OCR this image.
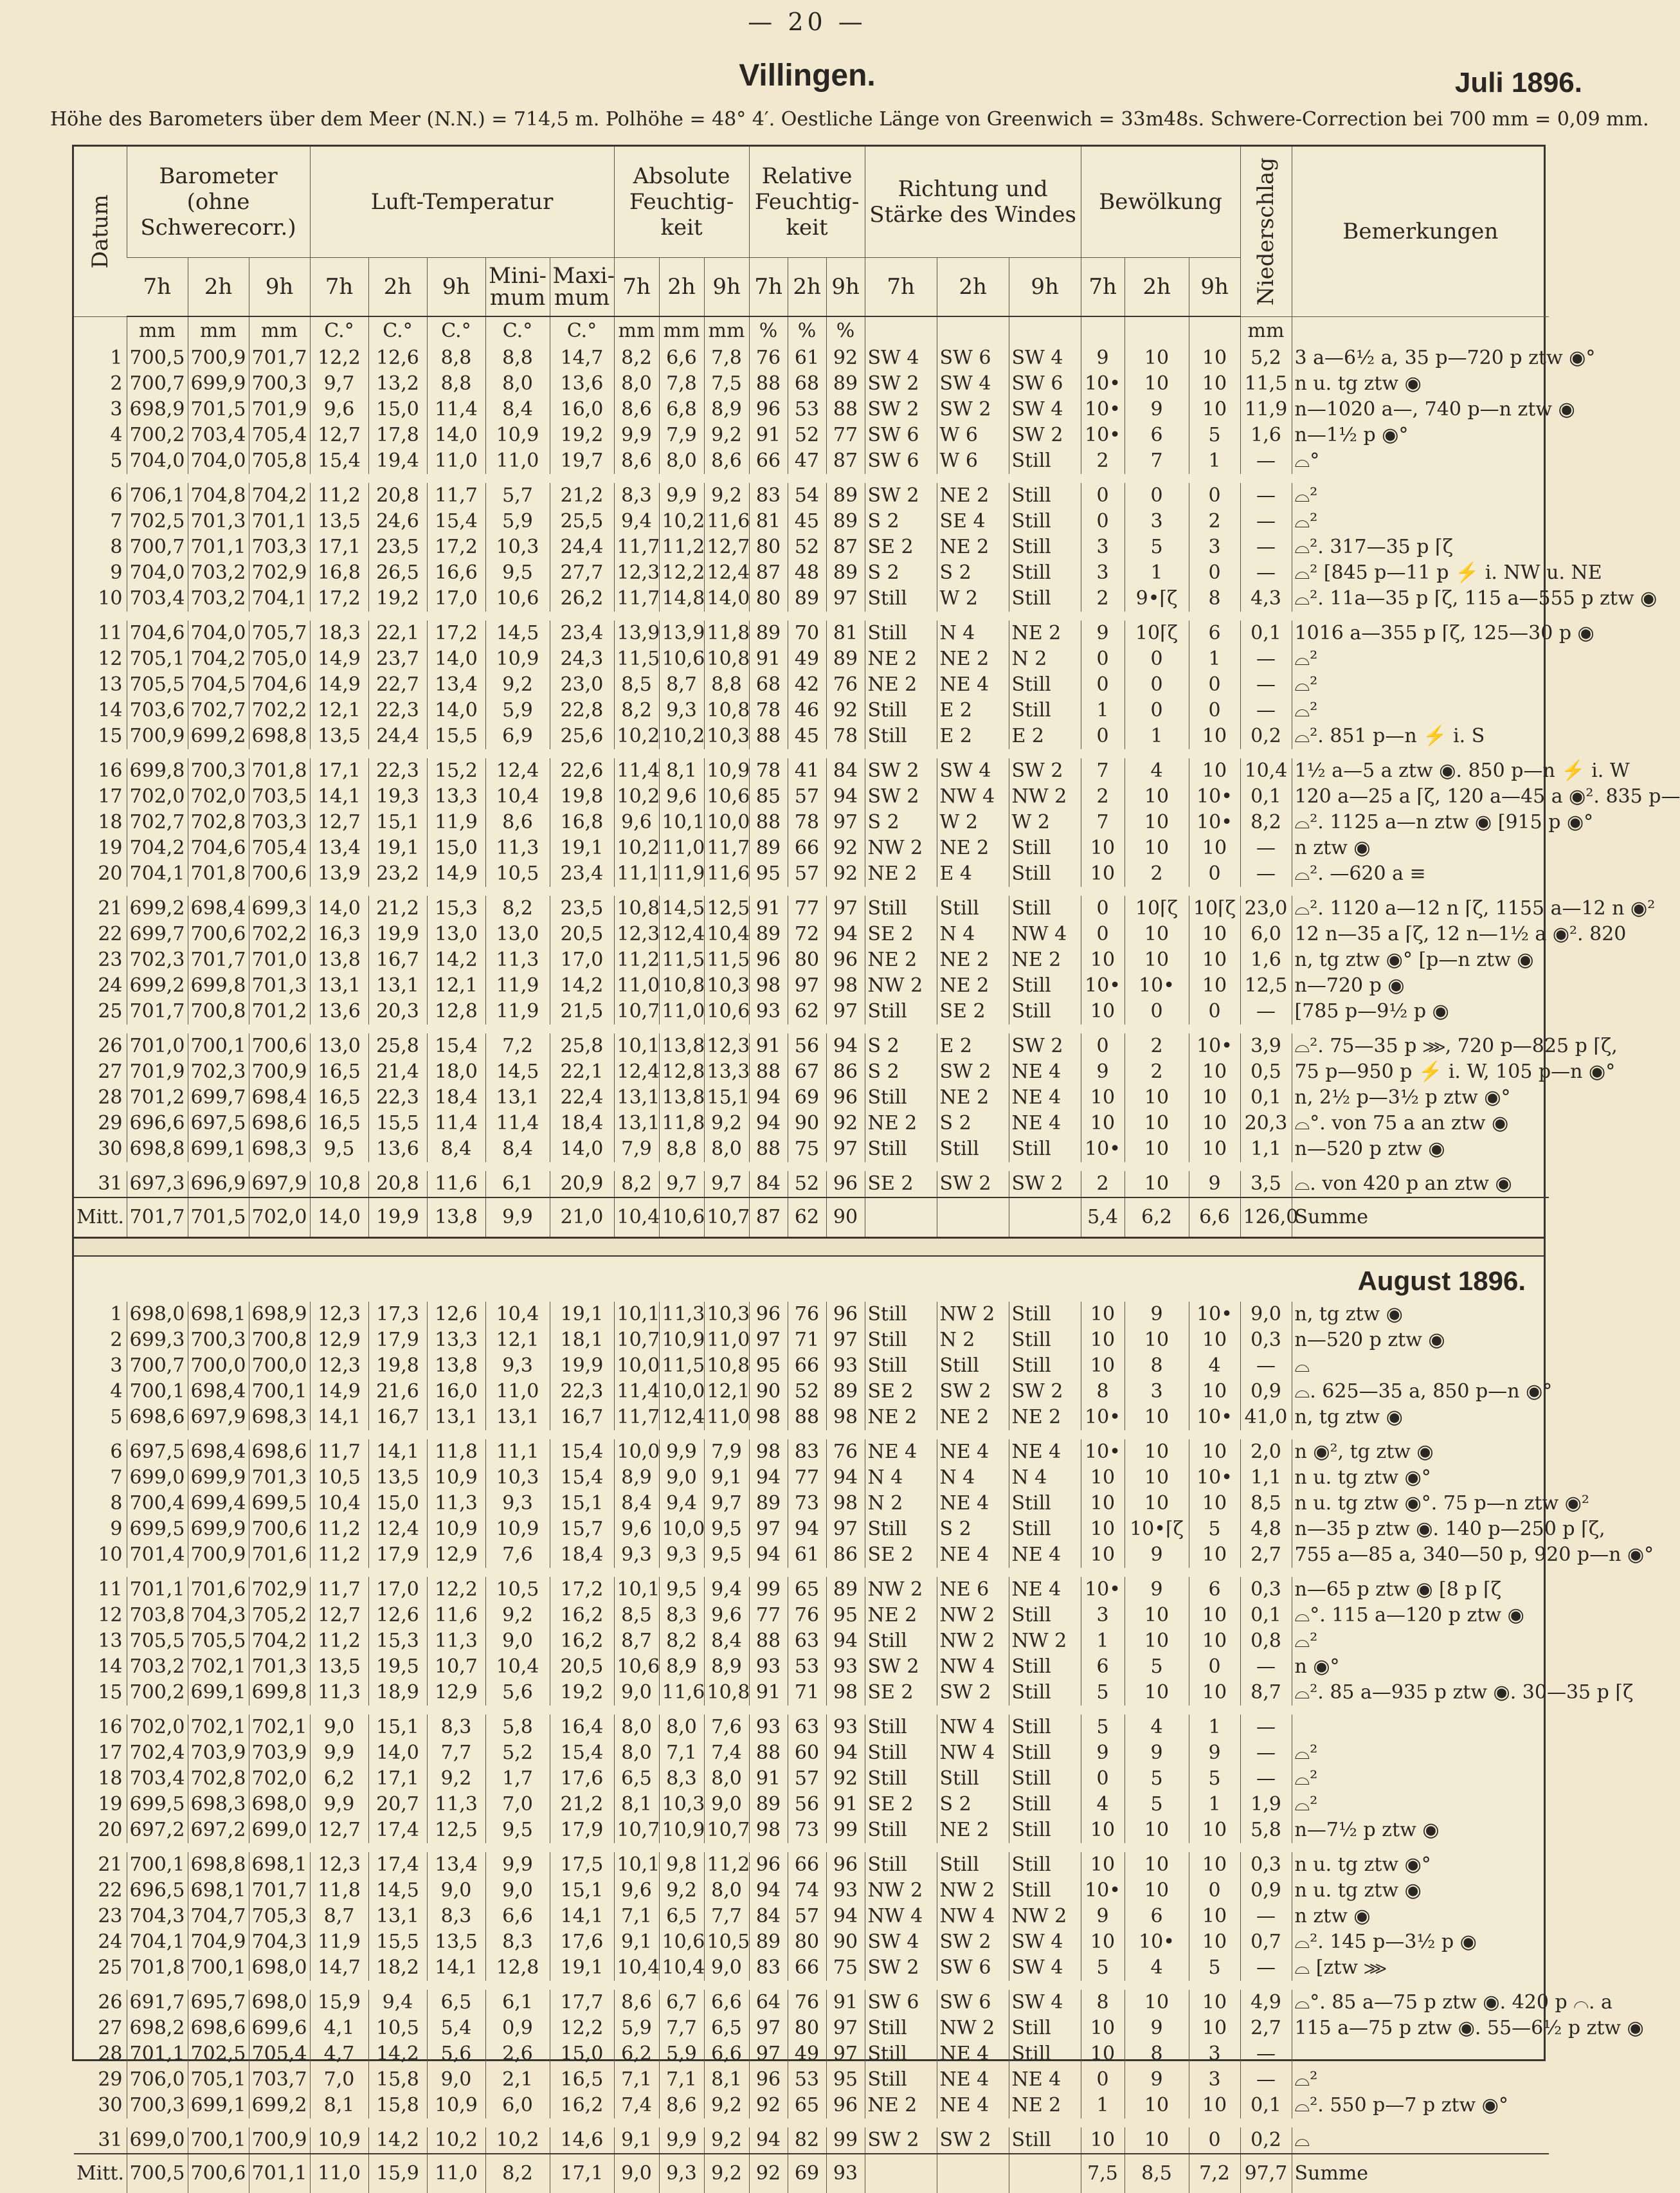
— 20 —
Villingen.	Juli 1896.
Höhe des Barometers über dem Meer (N.N.) = 714,5 m. Polhöhe = 48° 4′. Oestliche Länge von Greenwich = 33m48s. Schwere-Correction bei 700 mm = 0,09 mm.
Datum	Barometer (ohne Schwerecorr.)			Luft-Temperatur					Absolute Feuchtig- keit			Relative Feuchtig- keit			Richtung und Stärke des Windes			Bewölkung			Niederschlag	Bemerkungen
	7h	2h	9h	7h	2h	9h	Mini- mum	Maxi- mum	7h	2h	9h	7h	2h	9h	7h	2h	9h	7h	2h	9h		
	mm	mm	mm	C.°	C.°	C.°	C.°	C.°	mm	mm	mm	%	%	%							mm	
1	700,5	700,9	701,7	12,2	12,6	8,8	8,8	14,7	8,2	6,6	7,8	76	61	92	SW 4	SW 6	SW 4	9	10	10	5,2	3 a—6½ a, 35 p—720 p ztw ◉°
2	700,7	699,9	700,3	9,7	13,2	8,8	8,0	13,6	8,0	7,8	7,5	88	68	89	SW 2	SW 4	SW 6	10•	10	10	11,5	n u. tg ztw ◉
3	698,9	701,5	701,9	9,6	15,0	11,4	8,4	16,0	8,6	6,8	8,9	96	53	88	SW 2	SW 2	SW 4	10•	9	10	11,9	n—1020 a—, 740 p—n ztw ◉
4	700,2	703,4	705,4	12,7	17,8	14,0	10,9	19,2	9,9	7,9	9,2	91	52	77	SW 6	W 6	SW 2	10•	6	5	1,6	n—1½ p ◉°
5	704,0	704,0	705,8	15,4	19,4	11,0	11,0	19,7	8,6	8,0	8,6	66	47	87	SW 6	W 6	Still	2	7	1	—	⌓°
6	706,1	704,8	704,2	11,2	20,8	11,7	5,7	21,2	8,3	9,9	9,2	83	54	89	SW 2	NE 2	Still	0	0	0	—	⌓²
7	702,5	701,3	701,1	13,5	24,6	15,4	5,9	25,5	9,4	10,2	11,6	81	45	89	S 2	SE 4	Still	0	3	2	—	⌓²
8	700,7	701,1	703,3	17,1	23,5	17,2	10,3	24,4	11,7	11,2	12,7	80	52	87	SE 2	NE 2	Still	3	5	3	—	⌓². 317—35 p ⌈ζ
9	704,0	703,2	702,9	16,8	26,5	16,6	9,5	27,7	12,3	12,2	12,4	87	48	89	S 2	S 2	Still	3	1	0	—	⌓² [845 p—11 p ⚡ i. NW u. NE
10	703,4	703,2	704,1	17,2	19,2	17,0	10,6	26,2	11,7	14,8	14,0	80	89	97	Still	W 2	Still	2	9•⌈ζ	8	4,3	⌓². 11a—35 p ⌈ζ, 115 a—555 p ztw ◉
11	704,6	704,0	705,7	18,3	22,1	17,2	14,5	23,4	13,9	13,9	11,8	89	70	81	Still	N 4	NE 2	9	10⌈ζ	6	0,1	1016 a—355 p ⌈ζ, 125—30 p ◉
12	705,1	704,2	705,0	14,9	23,7	14,0	10,9	24,3	11,5	10,6	10,8	91	49	89	NE 2	NE 2	N 2	0	0	1	—	⌓²
13	705,5	704,5	704,6	14,9	22,7	13,4	9,2	23,0	8,5	8,7	8,8	68	42	76	NE 2	NE 4	Still	0	0	0	—	⌓²
14	703,6	702,7	702,2	12,1	22,3	14,0	5,9	22,8	8,2	9,3	10,8	78	46	92	Still	E 2	Still	1	0	0	—	⌓²
15	700,9	699,2	698,8	13,5	24,4	15,5	6,9	25,6	10,2	10,2	10,3	88	45	78	Still	E 2	E 2	0	1	10	0,2	⌓². 851 p—n ⚡ i. S
16	699,8	700,3	701,8	17,1	22,3	15,2	12,4	22,6	11,4	8,1	10,9	78	41	84	SW 2	SW 4	SW 2	7	4	10	10,4	1½ a—5 a ztw ◉. 850 p—n ⚡ i. W
17	702,0	702,0	703,5	14,1	19,3	13,3	10,4	19,8	10,2	9,6	10,6	85	57	94	SW 2	NW 4	NW 2	2	10	10•	0,1	120 a—25 a ⌈ζ, 120 a—45 a ◉². 835 p—
18	702,7	702,8	703,3	12,7	15,1	11,9	8,6	16,8	9,6	10,1	10,0	88	78	97	S 2	W 2	W 2	7	10	10•	8,2	⌓². 1125 a—n ztw ◉ [915 p ◉°
19	704,2	704,6	705,4	13,4	19,1	15,0	11,3	19,1	10,2	11,0	11,7	89	66	92	NW 2	NE 2	Still	10	10	10	—	n ztw ◉
20	704,1	701,8	700,6	13,9	23,2	14,9	10,5	23,4	11,1	11,9	11,6	95	57	92	NE 2	E 4	Still	10	2	0	—	⌓². —620 a ≡
21	699,2	698,4	699,3	14,0	21,2	15,3	8,2	23,5	10,8	14,5	12,5	91	77	97	Still	Still	Still	0	10⌈ζ	10⌈ζ	23,0	⌓². 1120 a—12 n ⌈ζ, 1155 a—12 n ◉²
22	699,7	700,6	702,2	16,3	19,9	13,0	13,0	20,5	12,3	12,4	10,4	89	72	94	SE 2	N 4	NW 4	0	10	10	6,0	12 n—35 a ⌈ζ, 12 n—1½ a ◉². 820
23	702,3	701,7	701,0	13,8	16,7	14,2	11,3	17,0	11,2	11,5	11,5	96	80	96	NE 2	NE 2	NE 2	10	10	10	1,6	n, tg ztw ◉° [p—n ztw ◉
24	699,2	699,8	701,3	13,1	13,1	12,1	11,9	14,2	11,0	10,8	10,3	98	97	98	NW 2	NE 2	Still	10•	10•	10	12,5	n—720 p ◉
25	701,7	700,8	701,2	13,6	20,3	12,8	11,9	21,5	10,7	11,0	10,6	93	62	97	Still	SE 2	Still	10	0	0	—	[785 p—9½ p ◉
26	701,0	700,1	700,6	13,0	25,8	15,4	7,2	25,8	10,1	13,8	12,3	91	56	94	S 2	E 2	SW 2	0	2	10•	3,9	⌓². 75—35 p ⋙, 720 p—825 p ⌈ζ,
27	701,9	702,3	700,9	16,5	21,4	18,0	14,5	22,1	12,4	12,8	13,3	88	67	86	S 2	SW 2	NE 4	9	2	10	0,5	75 p—950 p ⚡ i. W, 105 p—n ◉°
28	701,2	699,7	698,4	16,5	22,3	18,4	13,1	22,4	13,1	13,8	15,1	94	69	96	Still	NE 2	NE 4	10	10	10	0,1	n, 2½ p—3½ p ztw ◉°
29	696,6	697,5	698,6	16,5	15,5	11,4	11,4	18,4	13,1	11,8	9,2	94	90	92	NE 2	S 2	NE 4	10	10	10	20,3	⌓°. von 75 a an ztw ◉
30	698,8	699,1	698,3	9,5	13,6	8,4	8,4	14,0	7,9	8,8	8,0	88	75	97	Still	Still	Still	10•	10	10	1,1	n—520 p ztw ◉
31	697,3	696,9	697,9	10,8	20,8	11,6	6,1	20,9	8,2	9,7	9,7	84	52	96	SE 2	SW 2	SW 2	2	10	9	3,5	⌓. von 420 p an ztw ◉
Mitt.	701,7	701,5	702,0	14,0	19,9	13,8	9,9	21,0	10,4	10,6	10,7	87	62	90				5,4	6,2	6,6	126,0	Summe
August 1896.
1	698,0	698,1	698,9	12,3	17,3	12,6	10,4	19,1	10,1	11,3	10,3	96	76	96	Still	NW 2	Still	10	9	10•	9,0	n, tg ztw ◉
2	699,3	700,3	700,8	12,9	17,9	13,3	12,1	18,1	10,7	10,9	11,0	97	71	97	Still	N 2	Still	10	10	10	0,3	n—520 p ztw ◉
3	700,7	700,0	700,0	12,3	19,8	13,8	9,3	19,9	10,0	11,5	10,8	95	66	93	Still	Still	Still	10	8	4	—	⌓
4	700,1	698,4	700,1	14,9	21,6	16,0	11,0	22,3	11,4	10,0	12,1	90	52	89	SE 2	SW 2	SW 2	8	3	10	0,9	⌓. 625—35 a, 850 p—n ◉°
5	698,6	697,9	698,3	14,1	16,7	13,1	13,1	16,7	11,7	12,4	11,0	98	88	98	NE 2	NE 2	NE 2	10•	10	10•	41,0	n, tg ztw ◉
6	697,5	698,4	698,6	11,7	14,1	11,8	11,1	15,4	10,0	9,9	7,9	98	83	76	NE 4	NE 4	NE 4	10•	10	10	2,0	n ◉², tg ztw ◉
7	699,0	699,9	701,3	10,5	13,5	10,9	10,3	15,4	8,9	9,0	9,1	94	77	94	N 4	N 4	N 4	10	10	10•	1,1	n u. tg ztw ◉°
8	700,4	699,4	699,5	10,4	15,0	11,3	9,3	15,1	8,4	9,4	9,7	89	73	98	N 2	NE 4	Still	10	10	10	8,5	n u. tg ztw ◉°. 75 p—n ztw ◉²
9	699,5	699,9	700,6	11,2	12,4	10,9	10,9	15,7	9,6	10,0	9,5	97	94	97	Still	S 2	Still	10	10•⌈ζ	5	4,8	n—35 p ztw ◉. 140 p—250 p ⌈ζ,
10	701,4	700,9	701,6	11,2	17,9	12,9	7,6	18,4	9,3	9,3	9,5	94	61	86	SE 2	NE 4	NE 4	10	9	10	2,7	755 a—85 a, 340—50 p, 920 p—n ◉°
11	701,1	701,6	702,9	11,7	17,0	12,2	10,5	17,2	10,1	9,5	9,4	99	65	89	NW 2	NE 6	NE 4	10•	9	6	0,3	n—65 p ztw ◉ [8 p ⌈ζ
12	703,8	704,3	705,2	12,7	12,6	11,6	9,2	16,2	8,5	8,3	9,6	77	76	95	NE 2	NW 2	Still	3	10	10	0,1	⌓°. 115 a—120 p ztw ◉
13	705,5	705,5	704,2	11,2	15,3	11,3	9,0	16,2	8,7	8,2	8,4	88	63	94	Still	NW 2	NW 2	1	10	10	0,8	⌓²
14	703,2	702,1	701,3	13,5	19,5	10,7	10,4	20,5	10,6	8,9	8,9	93	53	93	SW 2	NW 4	Still	6	5	0	—	n ◉°
15	700,2	699,1	699,8	11,3	18,9	12,9	5,6	19,2	9,0	11,6	10,8	91	71	98	SE 2	SW 2	Still	5	10	10	8,7	⌓². 85 a—935 p ztw ◉. 30—35 p ⌈ζ
16	702,0	702,1	702,1	9,0	15,1	8,3	5,8	16,4	8,0	8,0	7,6	93	63	93	Still	NW 4	Still	5	4	1	—	
17	702,4	703,9	703,9	9,9	14,0	7,7	5,2	15,4	8,0	7,1	7,4	88	60	94	Still	NW 4	Still	9	9	9	—	⌓²
18	703,4	702,8	702,0	6,2	17,1	9,2	1,7	17,6	6,5	8,3	8,0	91	57	92	Still	Still	Still	0	5	5	—	⌓²
19	699,5	698,3	698,0	9,9	20,7	11,3	7,0	21,2	8,1	10,3	9,0	89	56	91	SE 2	S 2	Still	4	5	1	1,9	⌓²
20	697,2	697,2	699,0	12,7	17,4	12,5	9,5	17,9	10,7	10,9	10,7	98	73	99	Still	NE 2	Still	10	10	10	5,8	n—7½ p ztw ◉
21	700,1	698,8	698,1	12,3	17,4	13,4	9,9	17,5	10,1	9,8	11,2	96	66	96	Still	Still	Still	10	10	10	0,3	n u. tg ztw ◉°
22	696,5	698,1	701,7	11,8	14,5	9,0	9,0	15,1	9,6	9,2	8,0	94	74	93	NW 2	NW 2	Still	10•	10	0	0,9	n u. tg ztw ◉
23	704,3	704,7	705,3	8,7	13,1	8,3	6,6	14,1	7,1	6,5	7,7	84	57	94	NW 4	NW 4	NW 2	9	6	10	—	n ztw ◉
24	704,1	704,9	704,3	11,9	15,5	13,5	8,3	17,6	9,1	10,6	10,5	89	80	90	SW 4	SW 2	SW 4	10	10•	10	0,7	⌓². 145 p—3½ p ◉
25	701,8	700,1	698,0	14,7	18,2	14,1	12,8	19,1	10,4	10,4	9,0	83	66	75	SW 2	SW 6	SW 4	5	4	5	—	⌓ [ztw ⋙
26	691,7	695,7	698,0	15,9	9,4	6,5	6,1	17,7	8,6	6,7	6,6	64	76	91	SW 6	SW 6	SW 4	8	10	10	4,9	⌓°. 85 a—75 p ztw ◉. 420 p ⌒. a
27	698,2	698,6	699,6	4,1	10,5	5,4	0,9	12,2	5,9	7,7	6,5	97	80	97	Still	NW 2	Still	10	9	10	2,7	115 a—75 p ztw ◉. 55—6½ p ztw ◉
28	701,1	702,5	705,4	4,7	14,2	5,6	2,6	15,0	6,2	5,9	6,6	97	49	97	Still	NE 4	Still	10	8	3	—	
29	706,0	705,1	703,7	7,0	15,8	9,0	2,1	16,5	7,1	7,1	8,1	96	53	95	Still	NE 4	NE 4	0	9	3	—	⌓²
30	700,3	699,1	699,2	8,1	15,8	10,9	6,0	16,2	7,4	8,6	9,2	92	65	96	NE 2	NE 4	NE 2	1	10	10	0,1	⌓². 550 p—7 p ztw ◉°
31	699,0	700,1	700,9	10,9	14,2	10,2	10,2	14,6	9,1	9,9	9,2	94	82	99	SW 2	SW 2	Still	10	10	0	0,2	⌓
Mitt.	700,5	700,6	701,1	11,0	15,9	11,0	8,2	17,1	9,0	9,3	9,2	92	69	93				7,5	8,5	7,2	97,7	Summe
